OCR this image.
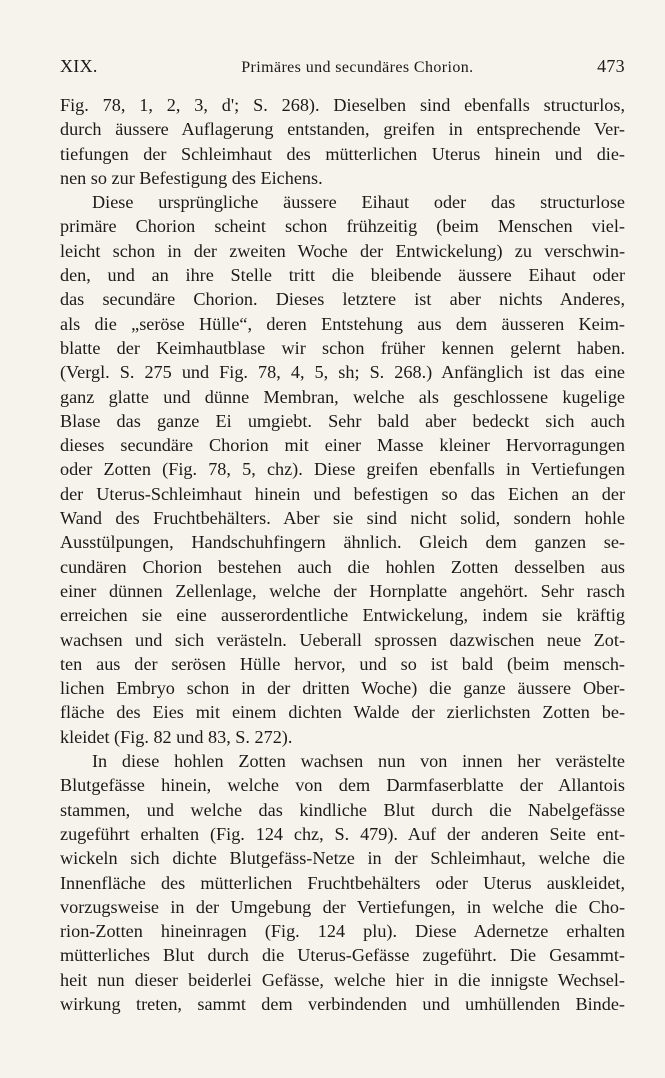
XIX.	Primäres und secundäres Chorion.	473
Fig. 78, 1, 2, 3, d'; S. 268). Dieselben sind ebenfalls structurlos,
durch äussere Auflagerung entstanden, greifen in entsprechende Ver-
tiefungen der Schleimhaut des mütterlichen Uterus hinein und die-
nen so zur Befestigung des Eichens.
Diese ursprüngliche äussere Eihaut oder das structurlose
primäre Chorion scheint schon frühzeitig (beim Menschen viel-
leicht schon in der zweiten Woche der Entwickelung) zu verschwin-
den, und an ihre Stelle tritt die bleibende äussere Eihaut oder
das secundäre Chorion. Dieses letztere ist aber nichts Anderes,
als die „seröse Hülle“, deren Entstehung aus dem äusseren Keim-
blatte der Keimhautblase wir schon früher kennen gelernt haben.
(Vergl. S. 275 und Fig. 78, 4, 5, sh; S. 268.) Anfänglich ist das eine
ganz glatte und dünne Membran, welche als geschlossene kugelige
Blase das ganze Ei umgiebt. Sehr bald aber bedeckt sich auch
dieses secundäre Chorion mit einer Masse kleiner Hervorragungen
oder Zotten (Fig. 78, 5, chz). Diese greifen ebenfalls in Vertiefungen
der Uterus-Schleimhaut hinein und befestigen so das Eichen an der
Wand des Fruchtbehälters. Aber sie sind nicht solid, sondern hohle
Ausstülpungen, Handschuhfingern ähnlich. Gleich dem ganzen se-
cundären Chorion bestehen auch die hohlen Zotten desselben aus
einer dünnen Zellenlage, welche der Hornplatte angehört. Sehr rasch
erreichen sie eine ausserordentliche Entwickelung, indem sie kräftig
wachsen und sich verästeln. Ueberall sprossen dazwischen neue Zot-
ten aus der serösen Hülle hervor, und so ist bald (beim mensch-
lichen Embryo schon in der dritten Woche) die ganze äussere Ober-
fläche des Eies mit einem dichten Walde der zierlichsten Zotten be-
kleidet (Fig. 82 und 83, S. 272).
In diese hohlen Zotten wachsen nun von innen her verästelte
Blutgefässe hinein, welche von dem Darmfaserblatte der Allantois
stammen, und welche das kindliche Blut durch die Nabelgefässe
zugeführt erhalten (Fig. 124 chz, S. 479). Auf der anderen Seite ent-
wickeln sich dichte Blutgefäss-Netze in der Schleimhaut, welche die
Innenfläche des mütterlichen Fruchtbehälters oder Uterus auskleidet,
vorzugsweise in der Umgebung der Vertiefungen, in welche die Cho-
rion-Zotten hineinragen (Fig. 124 plu). Diese Adernetze erhalten
mütterliches Blut durch die Uterus-Gefässe zugeführt. Die Gesammt-
heit nun dieser beiderlei Gefässe, welche hier in die innigste Wechsel-
wirkung treten, sammt dem verbindenden und umhüllenden Binde-
